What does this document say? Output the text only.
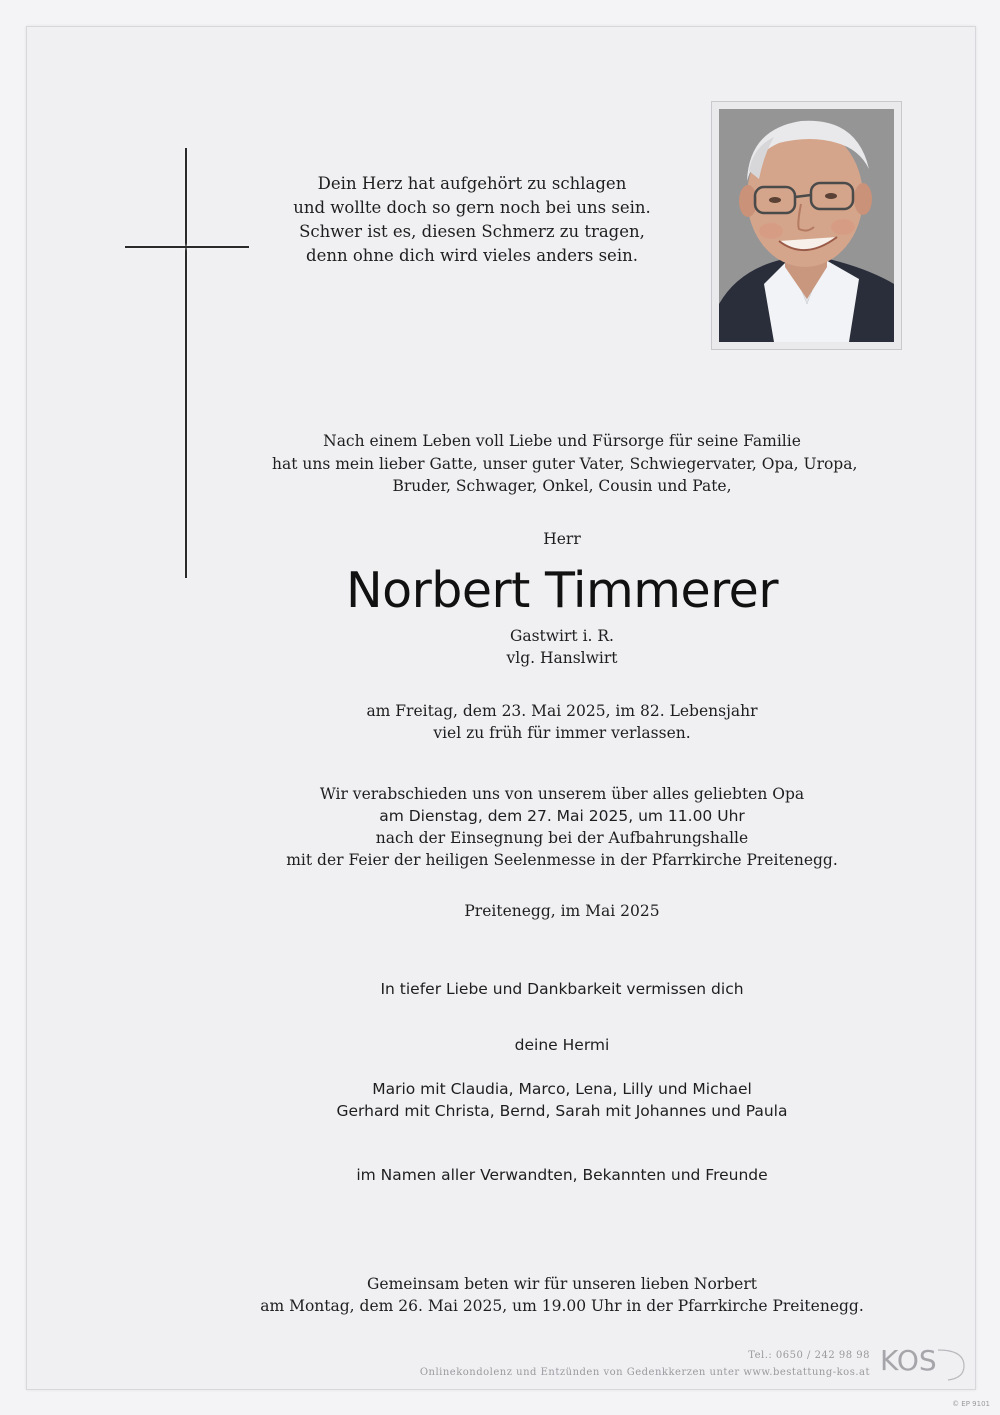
Dein Herz hat aufgehört zu schlagen
und wollte doch so gern noch bei uns sein.
Schwer ist es, diesen Schmerz zu tragen,
denn ohne dich wird vieles anders sein.
Nach einem Leben voll Liebe und Fürsorge für seine Familie
hat uns mein lieber Gatte, unser guter Vater, Schwiegervater, Opa, Uropa,
Bruder, Schwager, Onkel, Cousin und Pate,
Herr
Norbert Timmerer
Gastwirt i. R.
vlg. Hanslwirt
am Freitag, dem 23. Mai 2025, im 82. Lebensjahr
viel zu früh für immer verlassen.
Wir verabschieden uns von unserem über alles geliebten Opa
am Dienstag, dem 27. Mai 2025, um 11.00 Uhr
nach der Einsegnung bei der Aufbahrungshalle
mit der Feier der heiligen Seelenmesse in der Pfarrkirche Preitenegg.
Preitenegg, im Mai 2025
In tiefer Liebe und Dankbarkeit vermissen dich
deine Hermi
Mario mit Claudia, Marco, Lena, Lilly und Michael
Gerhard mit Christa, Bernd, Sarah mit Johannes und Paula
im Namen aller Verwandten, Bekannten und Freunde
Gemeinsam beten wir für unseren lieben Norbert
am Montag, dem 26. Mai 2025, um 19.00 Uhr in der Pfarrkirche Preitenegg.
Tel.: 0650 / 242 98 98
Onlinekondolenz und Entzünden von Gedenkkerzen unter www.bestattung-kos.at KOS
© EP 9101
